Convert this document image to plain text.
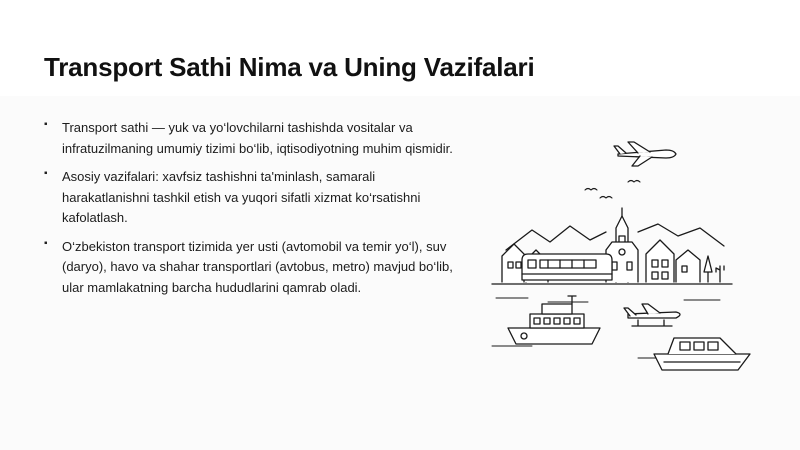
Transport Sathi Nima va Uning Vazifalari
▪ Transport sathi — yuk va yo‘lovchilarni tashishda vositalar va infratuzilmaning umumiy tizimi bo‘lib, iqtisodiyotning muhim qismidir.
▪ Asosiy vazifalari: xavfsiz tashishni ta'minlash, samarali harakatlanishni tashkil etish va yuqori sifatli xizmat ko‘rsatishni kafolatlash.
▪ O‘zbekiston transport tizimida yer usti (avtomobil va temir yo‘l), suv (daryo), havo va shahar transportlari (avtobus, metro) mavjud bo‘lib, ular mamlakatning barcha hududlarini qamrab oladi.
